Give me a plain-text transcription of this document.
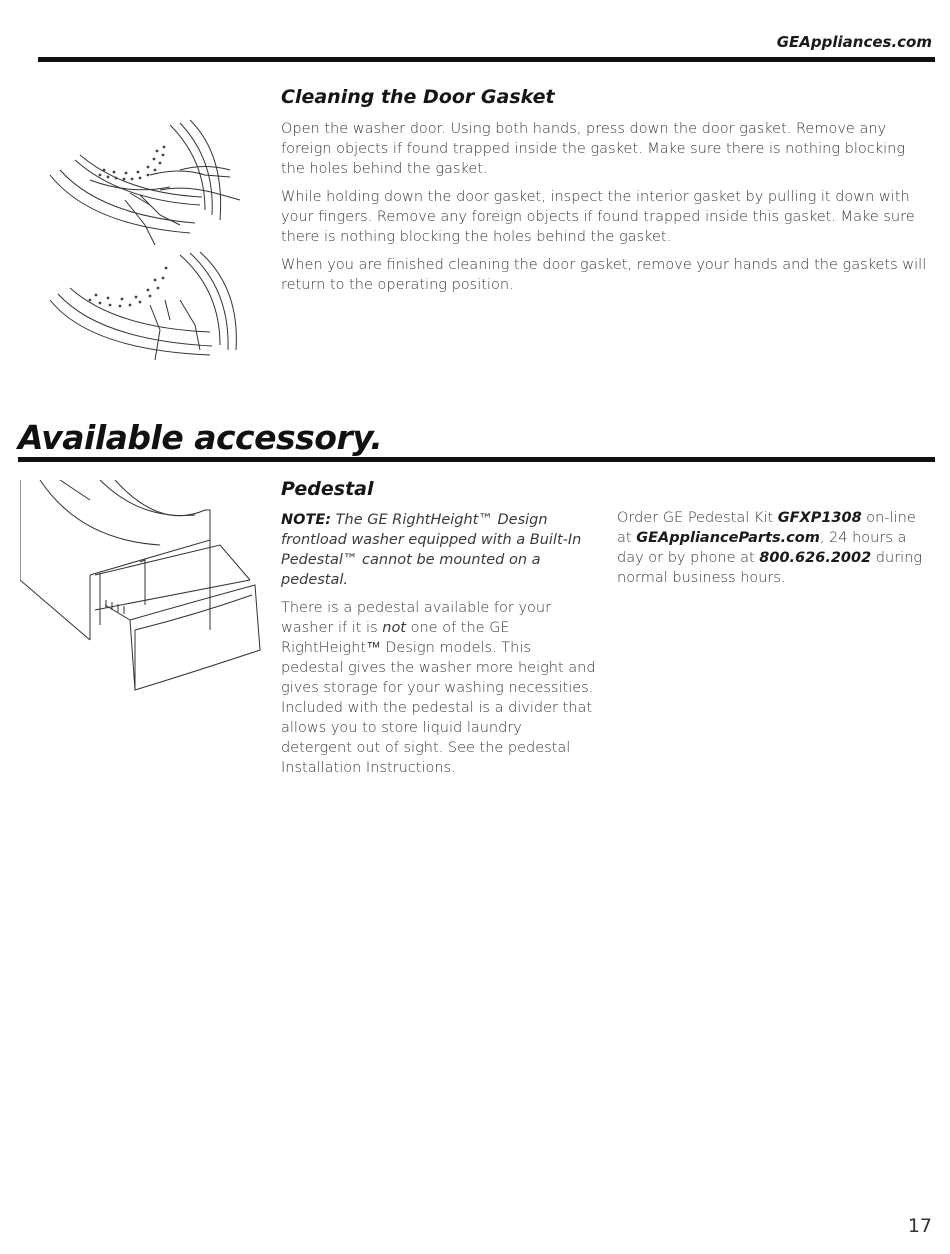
GEAppliances.com
Cleaning the Door Gasket

Open the washer door. Using both hands, press down the door gasket. Remove any foreign objects if found trapped inside the gasket. Make sure there is nothing blocking the holes behind the gasket.

While holding down the door gasket, inspect the interior gasket by pulling it down with your fingers. Remove any foreign objects if found trapped inside this gasket. Make sure there is nothing blocking the holes behind the gasket.

When you are finished cleaning the door gasket, remove your hands and the gaskets will return to the operating position.

Available accessory.
Pedestal

NOTE: The GE RightHeight™ Design frontload washer equipped with a Built-In Pedestal™ cannot be mounted on a pedestal.

There is a pedestal available for your washer if it is not one of the GE RightHeight™ Design models. This pedestal gives the washer more height and gives storage for your washing necessities. Included with the pedestal is a divider that allows you to store liquid laundry detergent out of sight. See the pedestal Installation Instructions.

Order GE Pedestal Kit GFXP1308 on-line at GEApplianceParts.com, 24 hours a day or by phone at 800.626.2002 during normal business hours.

17
